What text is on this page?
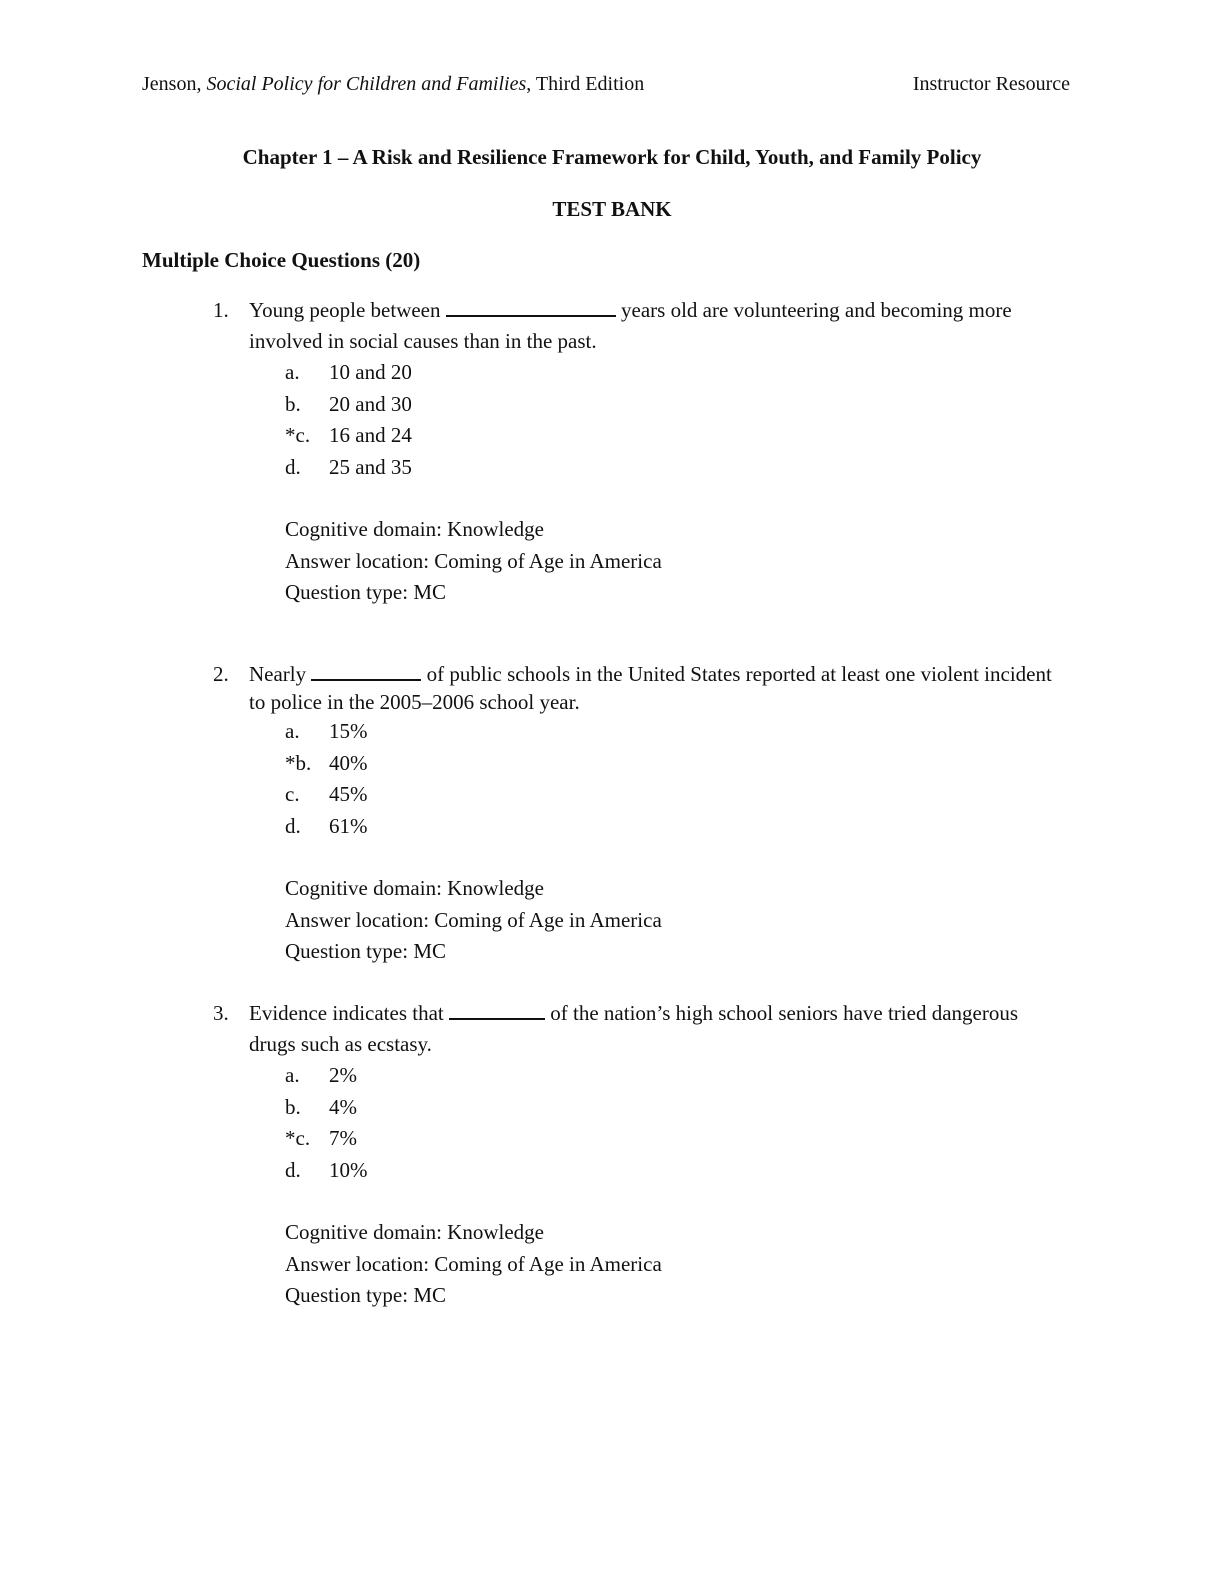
Jenson, Social Policy for Children and Families, Third Edition	Instructor Resource
Chapter 1 – A Risk and Resilience Framework for Child, Youth, and Family Policy
TEST BANK
Multiple Choice Questions (20)
1. Young people between	years old are volunteering and becoming more involved in social causes than in the past.
a.	10 and 20
b.	20 and 30
*c. 16 and 24
d.	25 and 35
Cognitive domain: Knowledge
Answer location: Coming of Age in America
Question type: MC
2. Nearly	of public schools in the United States reported at least one violent incident to police in the 2005–2006 school year.
a.	15%
*b. 40%
c.	45%
d.	61%
Cognitive domain: Knowledge
Answer location: Coming of Age in America
Question type: MC
3. Evidence indicates that	of the nation’s high school seniors have tried dangerous drugs such as ecstasy.
a.	2%
b.	4%
*c. 7%
d.	10%
Cognitive domain: Knowledge
Answer location: Coming of Age in America
Question type: MC
